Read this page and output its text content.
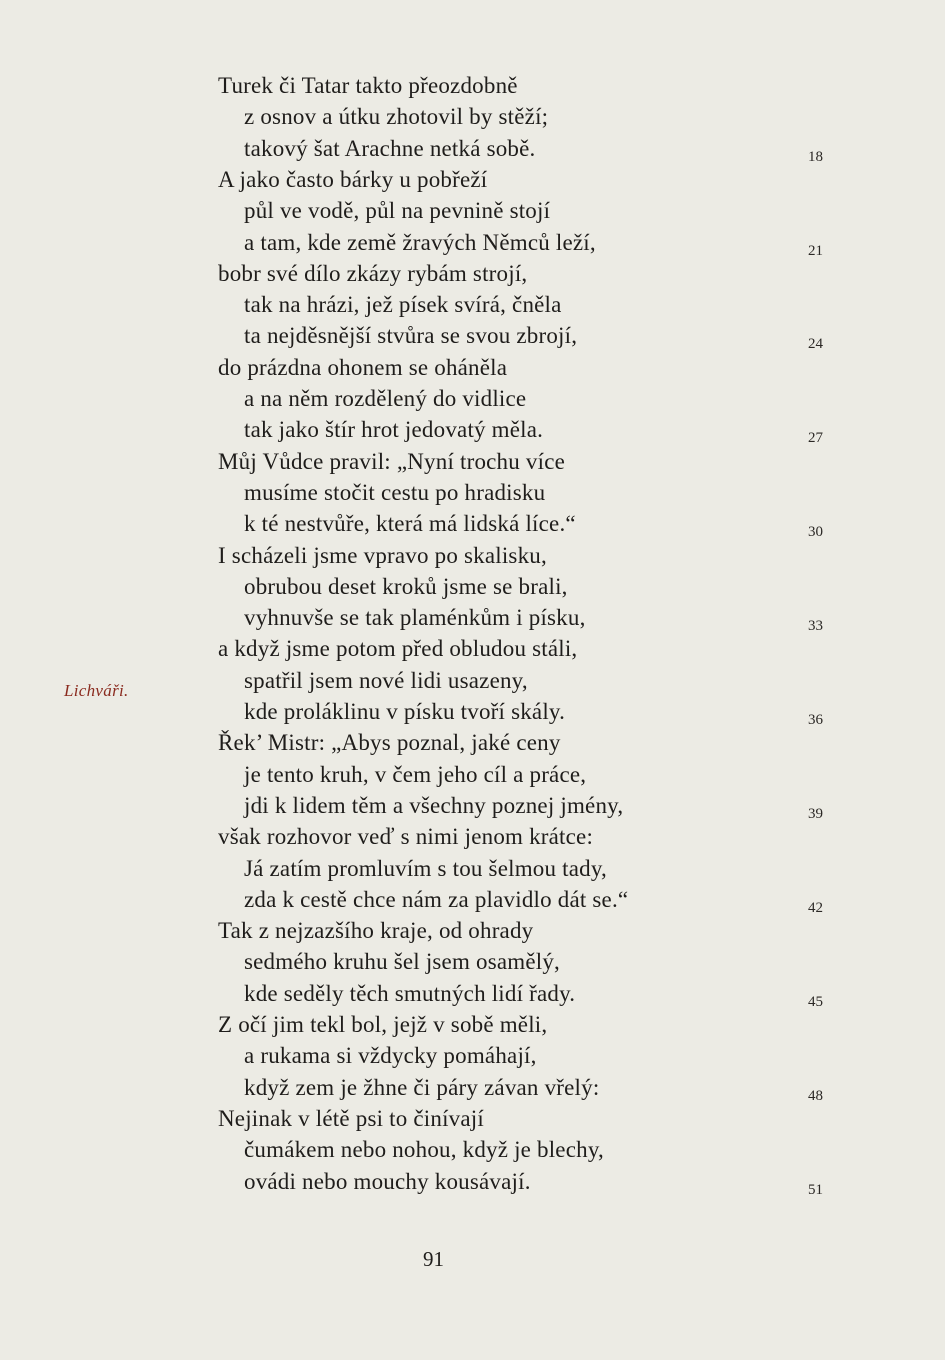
Turek či Tatar takto přeozdobně
z osnov a útku zhotovil by stěží;
takový šat Arachne netká sobě.
A jako často bárky u pobřeží
půl ve vodě, půl na pevnině stojí
a tam, kde země žravých Němců leží,
bobr své dílo zkázy rybám strojí,
tak na hrázi, jež písek svírá, čněla
ta nejděsnější stvůra se svou zbrojí,
do prázdna ohonem se oháněla
a na něm rozdělený do vidlice
tak jako štír hrot jedovatý měla.
Můj Vůdce pravil: „Nyní trochu více
musíme stočit cestu po hradisku
k té nestvůře, která má lidská líce.“
I scházeli jsme vpravo po skalisku,
obrubou deset kroků jsme se brali,
vyhnuvše se tak plaménkům i písku,
a když jsme potom před obludou stáli,
spatřil jsem nové lidi usazeny,
kde proláklinu v písku tvoří skály.
Řek’ Mistr: „Abys poznal, jaké ceny
je tento kruh, v čem jeho cíl a práce,
jdi k lidem těm a všechny poznej jmény,
však rozhovor veď s nimi jenom krátce:
Já zatím promluvím s tou šelmou tady,
zda k cestě chce nám za plavidlo dát se.“
Tak z nejzazšího kraje, od ohrady
sedmého kruhu šel jsem osamělý,
kde seděly těch smutných lidí řady.
Z očí jim tekl bol, jejž v sobě měli,
a rukama si vždycky pomáhají,
když zem je žhne či páry závan vřelý:
Nejinak v létě psi to činívají
čumákem nebo nohou, když je blechy,
ovádi nebo mouchy kousávají.
18
21
24
27
30
33
36
39
42
45
48
51
Lichváři.
91
